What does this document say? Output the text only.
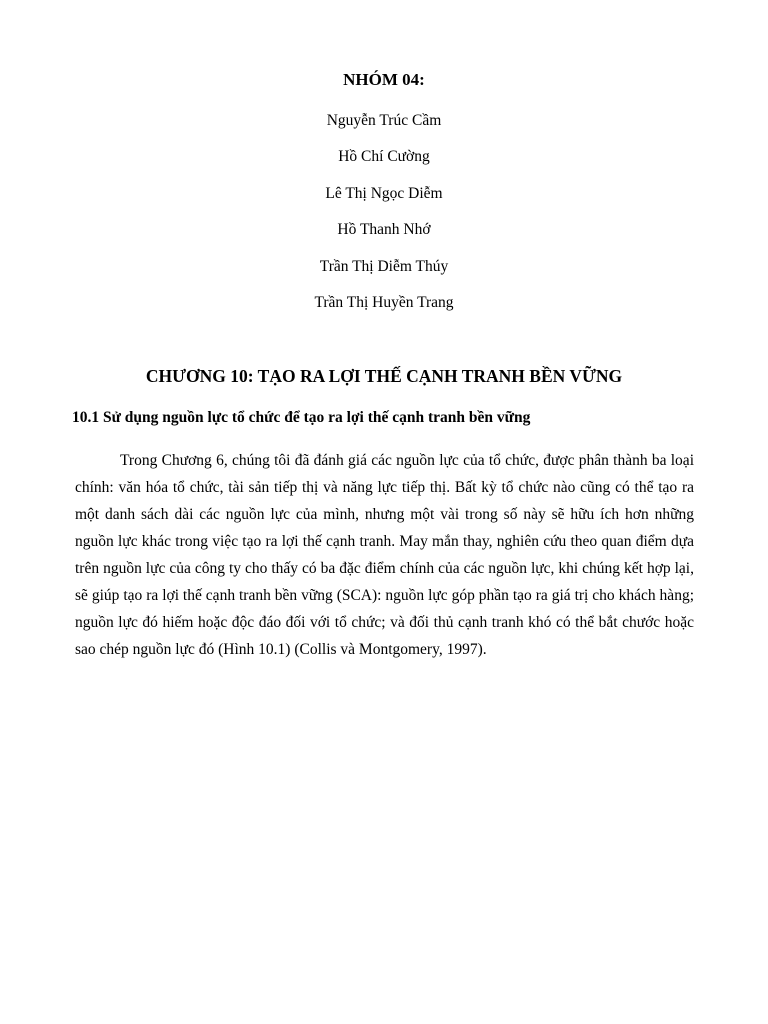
NHÓM 04:
Nguyễn Trúc Cầm
Hồ Chí Cường
Lê Thị Ngọc Diễm
Hồ Thanh Nhớ
Trần Thị Diễm Thúy
Trần Thị Huyền Trang
CHƯƠNG 10: TẠO RA LỢI THẾ CẠNH TRANH BỀN VỮNG
10.1 Sử dụng nguồn lực tổ chức để tạo ra lợi thế cạnh tranh bền vững

Trong Chương 6, chúng tôi đã đánh giá các nguồn lực của tổ chức, được phân thành ba loại chính: văn hóa tổ chức, tài sản tiếp thị và năng lực tiếp thị. Bất kỳ tổ chức nào cũng có thể tạo ra một danh sách dài các nguồn lực của mình, nhưng một vài trong số này sẽ hữu ích hơn những nguồn lực khác trong việc tạo ra lợi thế cạnh tranh. May mắn thay, nghiên cứu theo quan điểm dựa trên nguồn lực của công ty cho thấy có ba đặc điểm chính của các nguồn lực, khi chúng kết hợp lại, sẽ giúp tạo ra lợi thế cạnh tranh bền vững (SCA): nguồn lực góp phần tạo ra giá trị cho khách hàng; nguồn lực đó hiếm hoặc độc đáo đối với tổ chức; và đối thủ cạnh tranh khó có thể bắt chước hoặc sao chép nguồn lực đó (Hình 10.1) (Collis và Montgomery, 1997).
